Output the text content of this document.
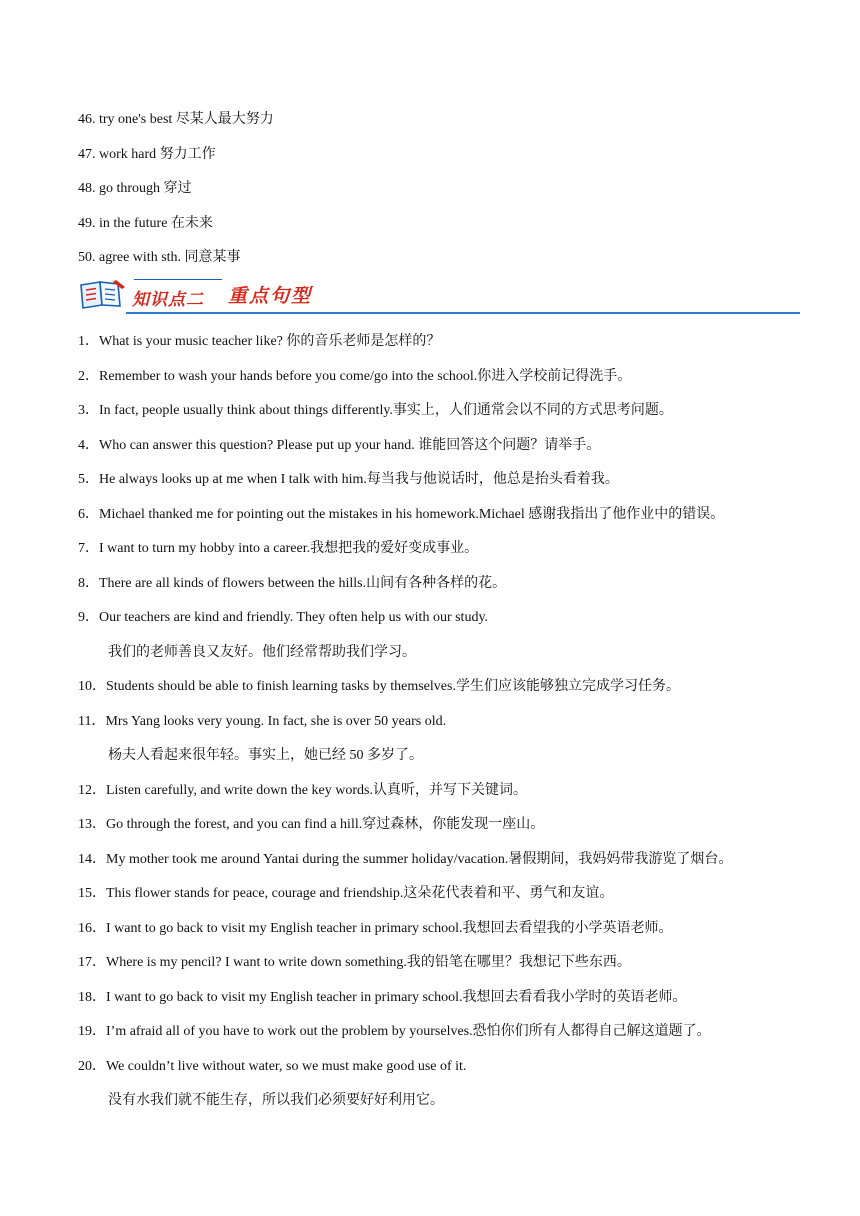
46. try one's best 尽某人最大努力
47. work hard 努力工作
48. go through 穿过
49. in the future 在未来
50. agree with sth. 同意某事
知识点二 重点句型
1．What is your music teacher like? 你的音乐老师是怎样的？
2．Remember to wash your hands before you come/go into the school.你进入学校前记得洗手。
3．In fact, people usually think about things differently.事实上，人们通常会以不同的方式思考问题。
4．Who can answer this question? Please put up your hand. 谁能回答这个问题？请举手。
5．He always looks up at me when I talk with him.每当我与他说话时，他总是抬头看着我。
6．Michael thanked me for pointing out the mistakes in his homework.Michael 感谢我指出了他作业中的错误。
7．I want to turn my hobby into a career.我想把我的爱好变成事业。
8．There are all kinds of flowers between the hills.山间有各种各样的花。
9．Our teachers are kind and friendly. They often help us with our study.
我们的老师善良又友好。他们经常帮助我们学习。
10．Students should be able to finish learning tasks by themselves.学生们应该能够独立完成学习任务。
11．Mrs Yang looks very young. In fact, she is over 50 years old.
杨夫人看起来很年轻。事实上，她已经 50 多岁了。
12．Listen carefully, and write down the key words.认真听，并写下关键词。
13．Go through the forest, and you can find a hill.穿过森林，你能发现一座山。
14．My mother took me around Yantai during the summer holiday/vacation.暑假期间，我妈妈带我游览了烟台。
15．This flower stands for peace, courage and friendship.这朵花代表着和平、勇气和友谊。
16．I want to go back to visit my English teacher in primary school.我想回去看望我的小学英语老师。
17．Where is my pencil? I want to write down something.我的铅笔在哪里？我想记下些东西。
18．I want to go back to visit my English teacher in primary school.我想回去看看我小学时的英语老师。
19．I’m afraid all of you have to work out the problem by yourselves.恐怕你们所有人都得自己解这道题了。
20．We couldn’t live without water, so we must make good use of it.
没有水我们就不能生存，所以我们必须要好好利用它。
